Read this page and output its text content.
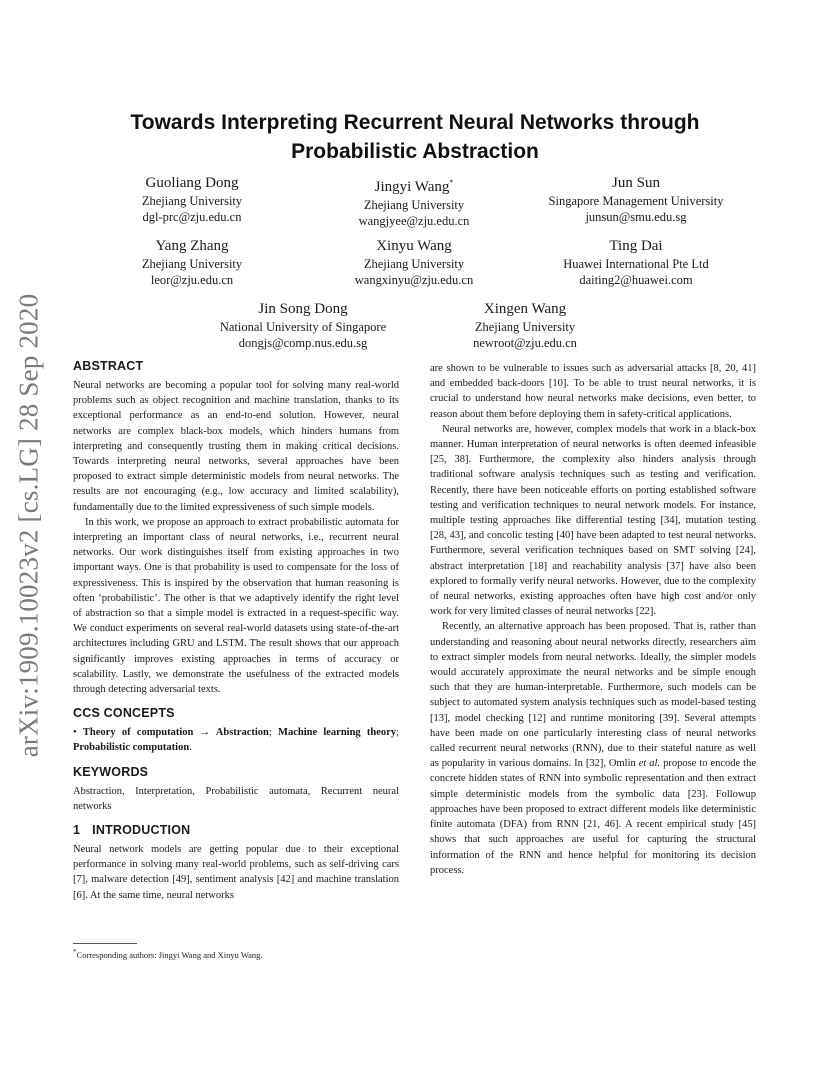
arXiv:1909.10023v2 [cs.LG] 28 Sep 2020
Towards Interpreting Recurrent Neural Networks through Probabilistic Abstraction
Guoliang Dong
Zhejiang University
dgl-prc@zju.edu.cn
Jingyi Wang*
Zhejiang University
wangjyee@zju.edu.cn
Jun Sun
Singapore Management University
junsun@smu.edu.sg
Yang Zhang
Zhejiang University
leor@zju.edu.cn
Xinyu Wang
Zhejiang University
wangxinyu@zju.edu.cn
Ting Dai
Huawei International Pte Ltd
daiting2@huawei.com
Jin Song Dong
National University of Singapore
dongjs@comp.nus.edu.sg
Xingen Wang
Zhejiang University
newroot@zju.edu.cn
ABSTRACT

Neural networks are becoming a popular tool for solving many real-world problems such as object recognition and machine translation, thanks to its exceptional performance as an end-to-end solution. However, neural networks are complex black-box models, which hinders humans from interpreting and consequently trusting them in making critical decisions. Towards interpreting neural networks, several approaches have been proposed to extract simple deterministic models from neural networks. The results are not encouraging (e.g., low accuracy and limited scalability), fundamentally due to the limited expressiveness of such simple models.

In this work, we propose an approach to extract probabilistic automata for interpreting an important class of neural networks, i.e., recurrent neural networks. Our work distinguishes itself from existing approaches in two important ways. One is that probability is used to compensate for the loss of expressiveness. This is inspired by the observation that human reasoning is often ‘probabilistic’. The other is that we adaptively identify the right level of abstraction so that a simple model is extracted in a request-specific way. We conduct experiments on several real-world datasets using state-of-the-art architectures including GRU and LSTM. The result shows that our approach significantly improves existing approaches in terms of accuracy or scalability. Lastly, we demonstrate the usefulness of the extracted models through detecting adversarial texts.

CCS CONCEPTS

• Theory of computation → Abstraction; Machine learning theory; Probabilistic computation.

KEYWORDS

Abstraction, Interpretation, Probabilistic automata, Recurrent neural networks

1 INTRODUCTION

Neural network models are getting popular due to their exceptional performance in solving many real-world problems, such as self-driving cars [7], malware detection [49], sentiment analysis [42] and machine translation [6]. At the same time, neural networks

are shown to be vulnerable to issues such as adversarial attacks [8, 20, 41] and embedded back-doors [10]. To be able to trust neural networks, it is crucial to understand how neural networks make decisions, even better, to reason about them before deploying them in safety-critical applications.

Neural networks are, however, complex models that work in a black-box manner. Human interpretation of neural networks is often deemed infeasible [25, 38]. Furthermore, the complexity also hinders analysis through traditional software analysis techniques such as testing and verification. Recently, there have been noticeable efforts on porting established software testing and verification techniques to neural network models. For instance, multiple testing approaches like differential testing [34], mutation testing [28, 43], and concolic testing [40] have been adapted to test neural networks. Furthermore, several verification techniques based on SMT solving [24], abstract interpretation [18] and reachability analysis [37] have also been explored to formally verify neural networks. However, due to the complexity of neural networks, existing approaches often have high cost and/or only work for very limited classes of neural networks [22].

Recently, an alternative approach has been proposed. That is, rather than understanding and reasoning about neural networks directly, researchers aim to extract simpler models from neural networks. Ideally, the simpler models would accurately approximate the neural networks and be simple enough such that they are human-interpretable. Furthermore, such models can be subject to automated system analysis techniques such as model-based testing [13], model checking [12] and runtime monitoring [39]. Several attempts have been made on one particularly interesting class of neural networks called recurrent neural networks (RNN), due to their stateful nature as well as popularity in various domains. In [32], Omlin et al. propose to encode the concrete hidden states of RNN into symbolic representation and then extract simple deterministic models from the symbolic data [23]. Followup approaches have been proposed to extract different models like deterministic finite automata (DFA) from RNN [21, 46]. A recent empirical study [45] shows that such approaches are useful for capturing the structural information of the RNN and hence helpful for monitoring its decision process.

*Corresponding authors: Jingyi Wang and Xinyu Wang.
